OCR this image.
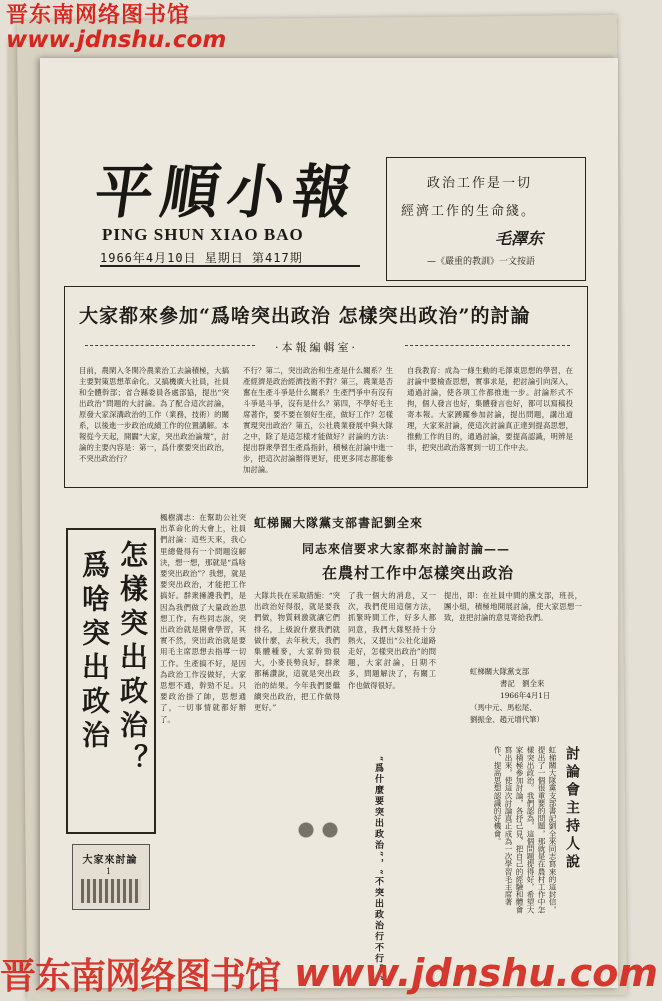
晋东南网络图书馆
www.jdnshu.com
平順小報
PING SHUN XIAO BAO
1966年4月10日 星期日 第417期
政治工作是一切
經濟工作的生命綫。
毛澤东
—《嚴重的教訓》一文按語
大家都來參加“爲啥突出政治 怎樣突出政治”的討論
·本報編輯室·
目前，農閑入冬閑冷農業治工去論積極，大搞主要對策思想革命化。又搞機廣大社員，社員和全體幹部；省合縣委員各處部協，提出“突出政治”問題的大討論。為了配合這次討論，原發大家深溝政治的工作（業務，技術）的關系，以後進一步政治成績工作的位置講解。本報從今天起，開闢“大家，突出政治論壇”，討論的主要內容是：第一，爲什麼要突出政治，不突出政治行？
不行？第二，突出政治和生產是什么關系？生產經濟是政治經濟技術不對？第三，農業是否奮在生產斗爭是什么關系？生產鬥爭中有沒有斗爭是斗爭，沒有是什么？第四，不學好毛主席著作，要不要在領好生産，做好工作？怎樣實現突出政治？第五，公社農業發展中與大隊之中，除了是這怎樣才能做好？討論的方法：提出群衆學習生產爲指針，積極在討論中進一步，把這次討論辦得更好，使更多同志都能參加討論。
自我教育：成為一條生動的毛澤東思想的學習，在討論中要檢查思想，實事求是，把討論引向深入，通過討論，使各項工作都推進一步。討論形式不拘，個人發言也好，集體發言也好，都可以寫稿投寄本報。大家踴躍參加討論，提出問題，講出道理，大家來討論，使這次討論真正達到提高思想，推動工作的目的，通過討論，要提高認識，明辨是非，把突出政治落實到一切工作中去。
怎樣突出政治？
爲啥突出政治
大家來討論
1
楓樹溝志：在幫助公社突出革命化的大會上，社員們討論：這些天來，我心里總覺得有一个問題沒解決，想一想，那就是“爲啥要突出政治”？我想，就是要突出政治，才能把工作搞好。群衆擁護我們，是因為我們做了大量政治思想工作。有些同志說，突出政治就是開會學習，其實不然，突出政治就是要用毛主席思想去指導一切工作。生產搞不好，是因為政治工作沒做好，大家思想不通，幹勁不足。只要政治掛了帥，思想通了，一切事情就都好辦了。
虹梯關大隊黨支部書記劉全來
同志來信要求大家都來討論討論——
在農村工作中怎樣突出政治
大隊共長在采取措施：“突出政治好得很，就是要我們做，物質刺激就讓它們排名，上級說什麼我們就做什麼，去年秋天，我們集體種麥，大家幹勁很大，小麥長勢良好，群衆都稱讚說，這就是突出政治的結果。今年我們要繼續突出政治，把工作做得更好。”
了我一個大的消息，又一次，我們使用這個方法，抓緊時間工作，好多人都同意，我們大隊堅持十分熱火，又提出“公社化道路走好，怎樣突出政治”的問題，大家討論，日期不多，問題解決了，有關工作也做得很好。
提出，即：在社員中間的黨支部，班長，團小組，積極地開展討論，使大家思想一致，並把討論的意見寄給我們。
虹梯關大隊黨支部
書記　劉全來
1966年4月1日
（馬中元、馬松尾、
劉振金、趙元增代筆）
討論會主持人說
虹梯關大隊黨支部書記劉全來同志寫來的這封信，提出了一個很重要的問題，那就是在農村工作中怎樣突出政治。我們認為，這個問題提得好，希望大家積極參加討論，各抒己見，把自己的經驗和體會寫出來，使這次討論真正成為一次學習毛主席著作、提高思想認識的好機會。
“爲什麼要突出政治”，“不突出政治行不行？”
晋东南网络图书馆 www.jdnshu.com
